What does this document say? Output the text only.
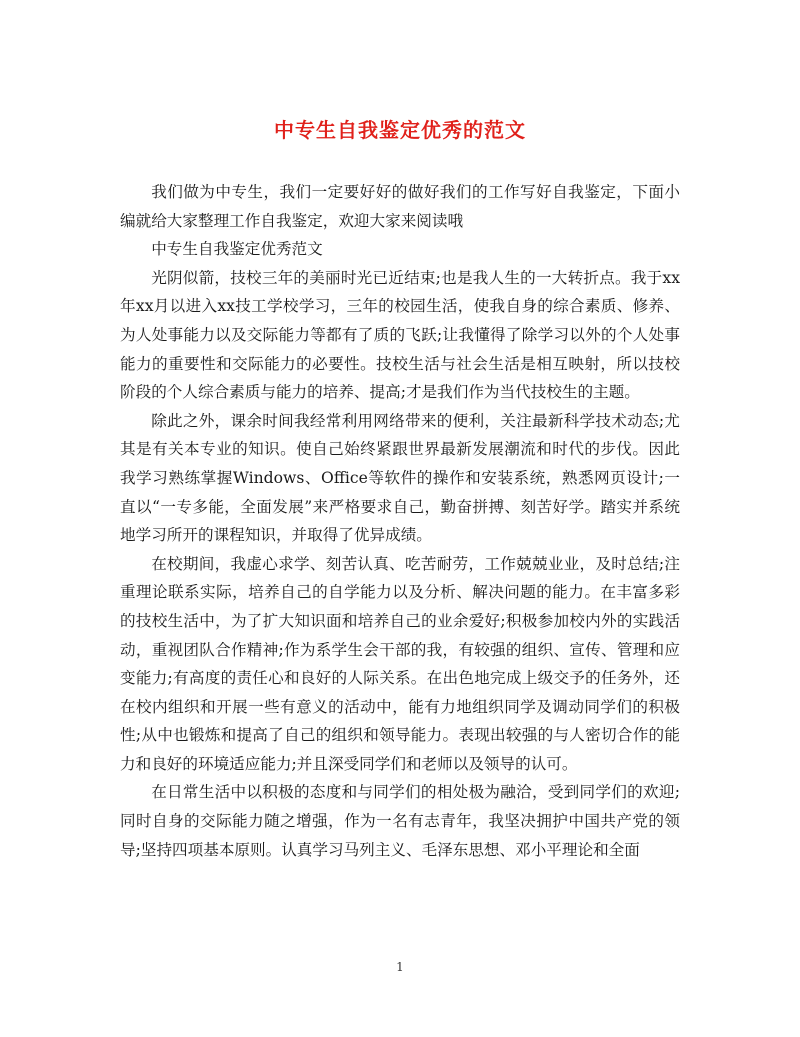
中专生自我鉴定优秀的范文

我们做为中专生，我们一定要好好的做好我们的工作写好自我鉴定，下面小编就给大家整理工作自我鉴定，欢迎大家来阅读哦

中专生自我鉴定优秀范文

光阴似箭，技校三年的美丽时光已近结束;也是我人生的一大转折点。我于xx年xx月以进入xx技工学校学习，三年的校园生活，使我自身的综合素质、修养、为人处事能力以及交际能力等都有了质的飞跃;让我懂得了除学习以外的个人处事能力的重要性和交际能力的必要性。技校生活与社会生活是相互映射，所以技校阶段的个人综合素质与能力的培养、提高;才是我们作为当代技校生的主题。

除此之外，课余时间我经常利用网络带来的便利，关注最新科学技术动态;尤其是有关本专业的知识。使自己始终紧跟世界最新发展潮流和时代的步伐。因此我学习熟练掌握Windows、Office等软件的操作和安装系统，熟悉网页设计;一直以“一专多能，全面发展”来严格要求自己，勤奋拼搏、刻苦好学。踏实并系统地学习所开的课程知识，并取得了优异成绩。

在校期间，我虚心求学、刻苦认真、吃苦耐劳，工作兢兢业业，及时总结;注重理论联系实际，培养自己的自学能力以及分析、解决问题的能力。在丰富多彩的技校生活中，为了扩大知识面和培养自己的业余爱好;积极参加校内外的实践活动，重视团队合作精神;作为系学生会干部的我，有较强的组织、宣传、管理和应变能力;有高度的责任心和良好的人际关系。在出色地完成上级交予的任务外，还在校内组织和开展一些有意义的活动中，能有力地组织同学及调动同学们的积极性;从中也锻炼和提高了自己的组织和领导能力。表现出较强的与人密切合作的能力和良好的环境适应能力;并且深受同学们和老师以及领导的认可。

在日常生活中以积极的态度和与同学们的相处极为融洽，受到同学们的欢迎;同时自身的交际能力随之增强，作为一名有志青年，我坚决拥护中国共产党的领导;坚持四项基本原则。认真学习马列主义、毛泽东思想、邓小平理论和全面

1
